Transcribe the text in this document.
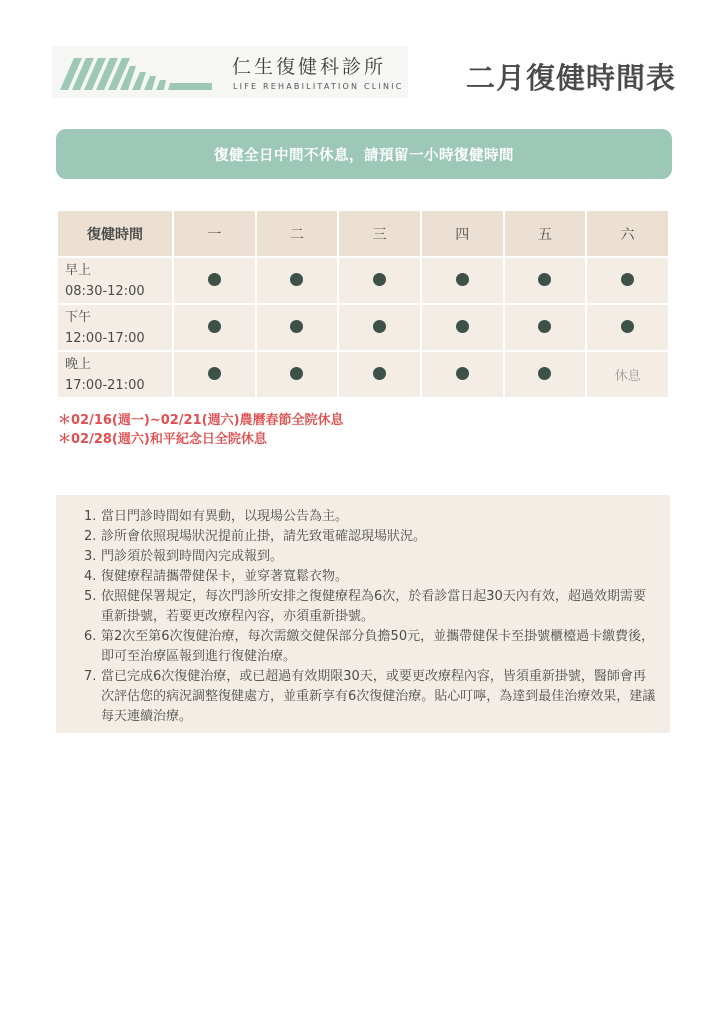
仁生復健科診所
LIFE REHABILITATION CLINIC 二月復健時間表
復健全日中間不休息，請預留一小時復健時間
復健時間	一	二	三	四	五	六

早上
08:30-12:00						

下午
12:00-17:00						

晚上
17:00-21:00						休息
＊02/16(週一)~02/21(週六)農曆春節全院休息
＊02/28(週六)和平紀念日全院休息
1. 當日門診時間如有異動，以現場公告為主。
2. 診所會依照現場狀況提前止掛，請先致電確認現場狀況。
3. 門診須於報到時間內完成報到。
4. 復健療程請攜帶健保卡，並穿著寬鬆衣物。
5. 依照健保署規定，每次門診所安排之復健療程為6次，於看診當日起30天內有效，超過效期需要重新掛號，若要更改療程內容，亦須重新掛號。
6. 第2次至第6次復健治療，每次需繳交健保部分負擔50元，並攜帶健保卡至掛號櫃檯過卡繳費後，即可至治療區報到進行復健治療。
7. 當已完成6次復健治療，或已超過有效期限30天，或要更改療程內容，皆須重新掛號，醫師會再次評估您的病況調整復健處方，並重新享有6次復健治療。貼心叮嚀，為達到最佳治療效果，建議每天連續治療。
